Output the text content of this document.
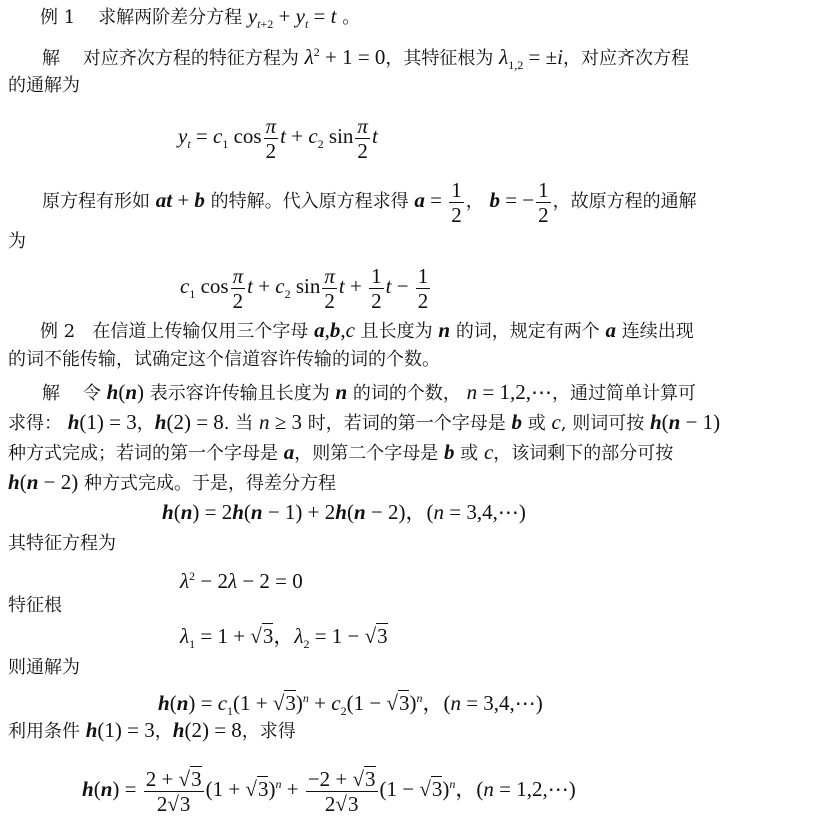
例 1 求解两阶差分方程 $y_{t+2} + y_t = t$ 。
解 对应齐次方程的特征方程为 $\lambda^2 + 1 = 0$，其特征根为 $\lambda_{1,2} = \pm i$，对应齐次方程
的通解为
$y_t = c_1$ $\cos \frac{\pi}{2}$ $t + c_2$ $\sin \frac{\pi}{2}$ t
原方程有形如 at + b 的特解。代入原方程求得 $a = \frac{1}{2}$ ， b = − $\frac{1}{2}$ ，故原方程的通解
为
$c_1$ $\cos \frac{\pi}{2}$ $t + c_2$ $\sin \frac{\pi}{2}$ $t + \frac{1}{2}$ $t - \frac{1}{2}$
例 2 在信道上传输仅用三个字母 a,b,c 且长度为 n 的词，规定有两个 a 连续出现
的词不能传输，试确定这个信道容许传输的词的个数。
解 令 h(n) 表示容许传输且长度为 n 的词的个数， n = 1,2,⋯，通过简单计算可
求得： h(1) = 3，h(2) = 8. 当 n ≥ 3 时，若词的第一个字母是 b 或 c, 则词可按 h(n − 1)
种方式完成；若词的第一个字母是 a，则第二个字母是 b 或 c，该词剩下的部分可按
h(n − 2) 种方式完成。于是，得差分方程
h(n) = 2h(n − 1) + 2h(n − 2)，(n = 3,4,⋯)
其特征方程为
$\lambda^2 - 2\lambda - 2 = 0$
特征根
$\lambda_1 = 1 + √3$，$\lambda_2 = 1 - √3$
则通解为
$h(n) = c_1(1 + √3)^n + c_2(1 - √3)^n$，(n = 3,4,⋯)
利用条件 h(1) = 3，h(2) = 8，求得
$h(n) = \frac{2 + √3}{2√3} (1 + √3)^n + \frac{-2 + √3}{2√3} (1 - √3)^n$，(n = 1,2,⋯)
